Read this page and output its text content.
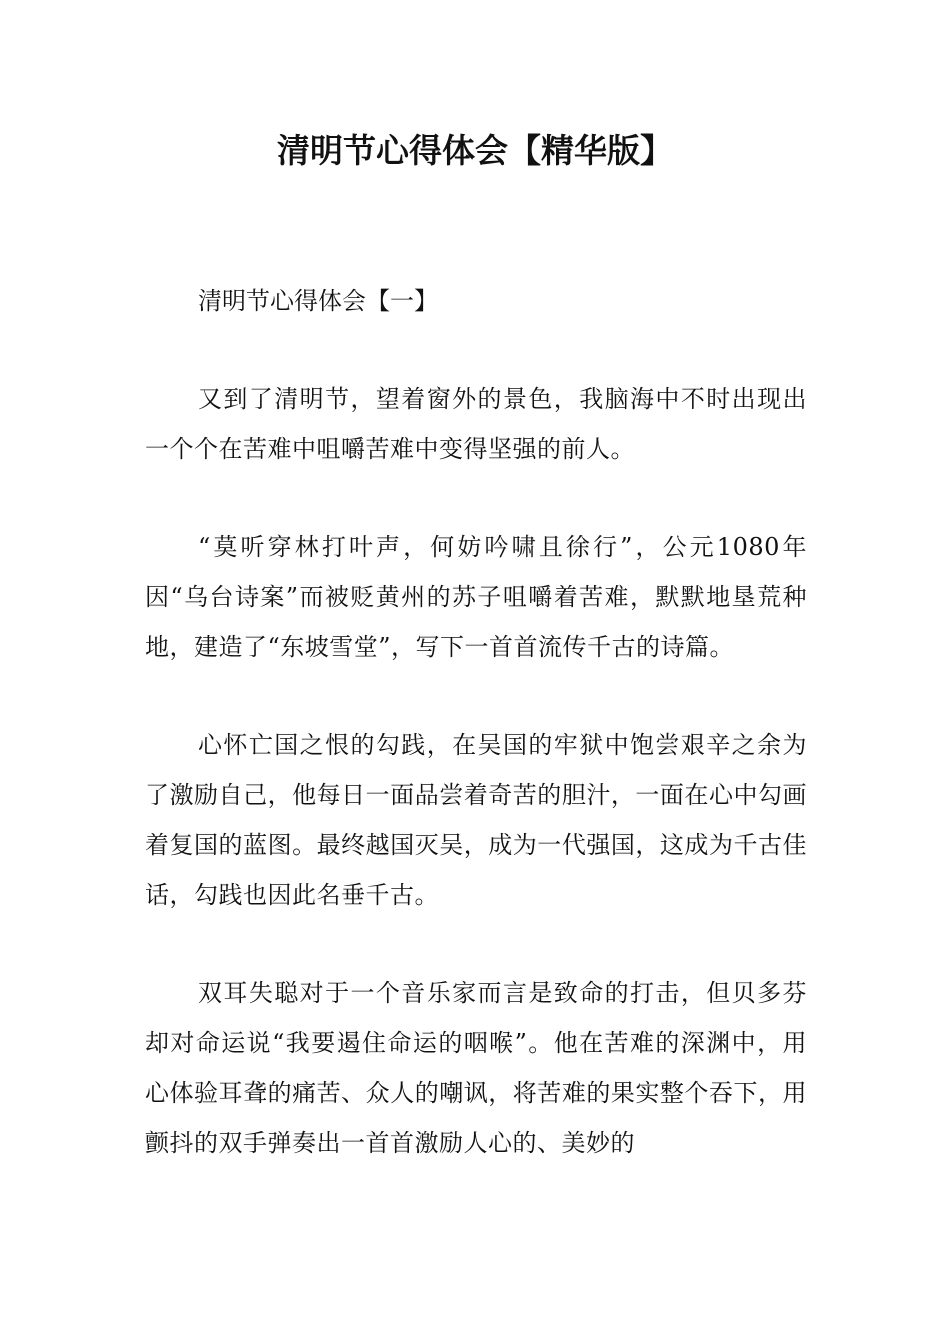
清明节心得体会【精华版】

清明节心得体会【一】

又到了清明节，望着窗外的景色，我脑海中不时出现出一个个在苦难中咀嚼苦难中变得坚强的前人。

“莫听穿林打叶声，何妨吟啸且徐行”，公元1080年因“乌台诗案”而被贬黄州的苏子咀嚼着苦难，默默地垦荒种地，建造了“东坡雪堂”，写下一首首流传千古的诗篇。

心怀亡国之恨的勾践，在吴国的牢狱中饱尝艰辛之余为了激励自己，他每日一面品尝着奇苦的胆汁，一面在心中勾画着复国的蓝图。最终越国灭吴，成为一代强国，这成为千古佳话，勾践也因此名垂千古。

双耳失聪对于一个音乐家而言是致命的打击，但贝多芬却对命运说“我要遏住命运的咽喉”。他在苦难的深渊中，用心体验耳聋的痛苦、众人的嘲讽，将苦难的果实整个吞下，用颤抖的双手弹奏出一首首激励人心的、美妙的
